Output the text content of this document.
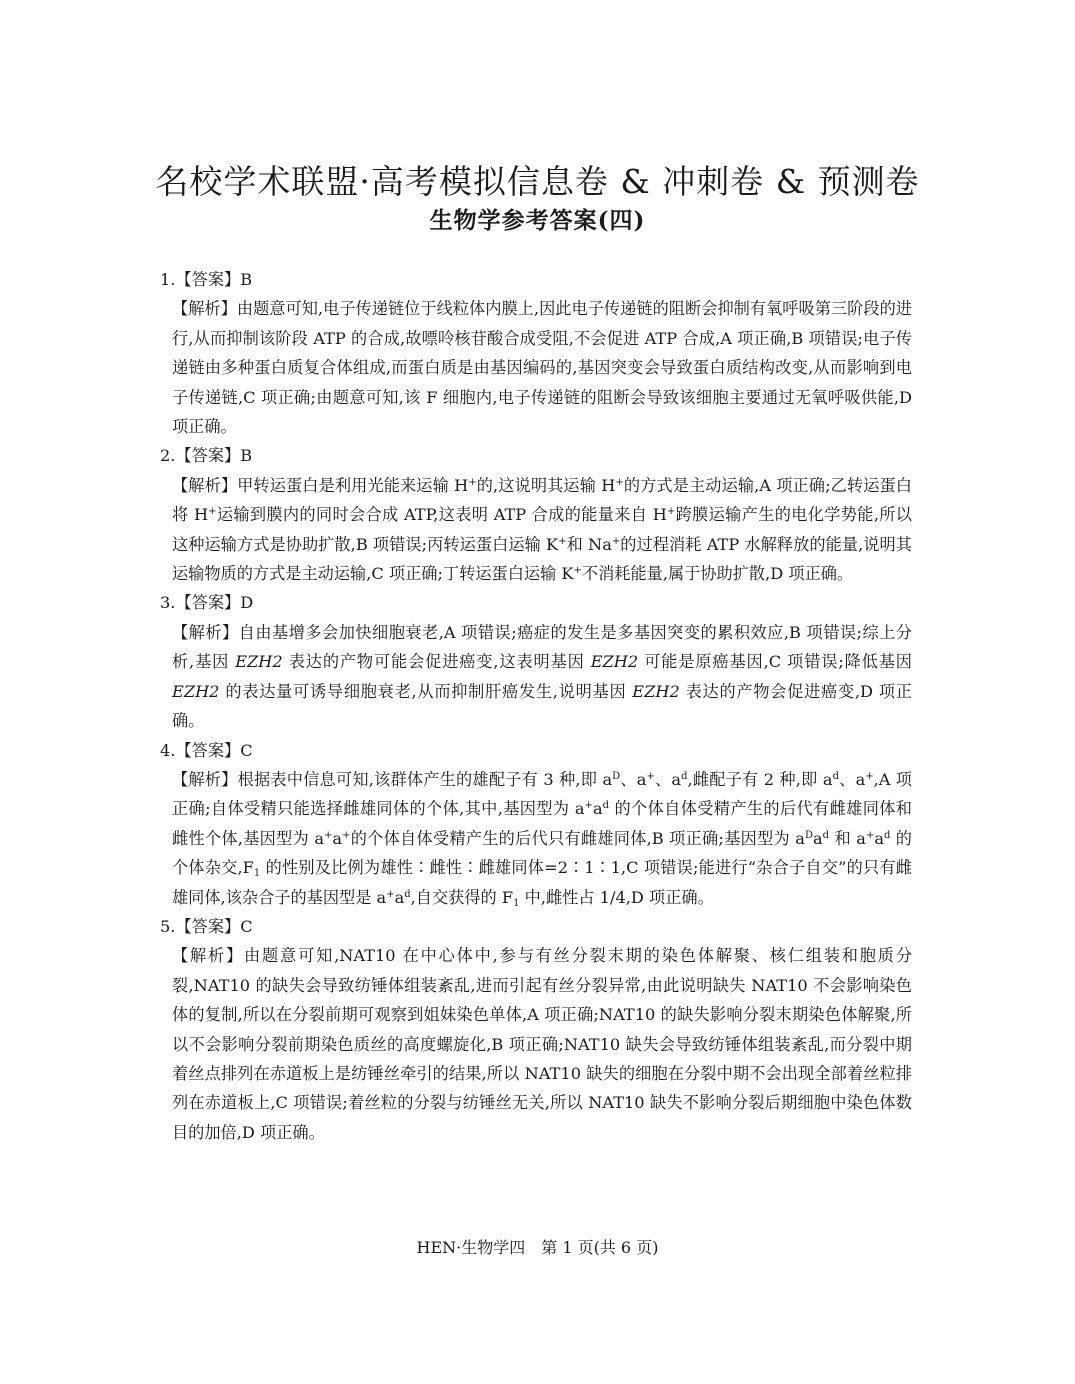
名校学术联盟·高考模拟信息卷 & 冲刺卷 & 预测卷
生物学参考答案(四)

1.【答案】B

【解析】由题意可知,电子传递链位于线粒体内膜上,因此电子传递链的阻断会抑制有氧呼吸第三阶段的进行,从而抑制该阶段 ATP 的合成,故嘌呤核苷酸合成受阻,不会促进 ATP 合成,A 项正确,B 项错误;电子传递链由多种蛋白质复合体组成,而蛋白质是由基因编码的,基因突变会导致蛋白质结构改变,从而影响到电子传递链,C 项正确;由题意可知,该 F 细胞内,电子传递链的阻断会导致该细胞主要通过无氧呼吸供能,D 项正确。

2.【答案】B

【解析】甲转运蛋白是利用光能来运输 H+的,这说明其运输 H+的方式是主动运输,A 项正确;乙转运蛋白将 H+运输到膜内的同时会合成 ATP,这表明 ATP 合成的能量来自 H+跨膜运输产生的电化学势能,所以这种运输方式是协助扩散,B 项错误;丙转运蛋白运输 K+和 Na+的过程消耗 ATP 水解释放的能量,说明其运输物质的方式是主动运输,C 项正确;丁转运蛋白运输 K+不消耗能量,属于协助扩散,D 项正确。

3.【答案】D

【解析】自由基增多会加快细胞衰老,A 项错误;癌症的发生是多基因突变的累积效应,B 项错误;综上分析,基因 EZH2 表达的产物可能会促进癌变,这表明基因 EZH2 可能是原癌基因,C 项错误;降低基因 EZH2 的表达量可诱导细胞衰老,从而抑制肝癌发生,说明基因 EZH2 表达的产物会促进癌变,D 项正确。

4.【答案】C

【解析】根据表中信息可知,该群体产生的雄配子有 3 种,即 $a^D$、a+、$a^d$,雌配子有 2 种,即 $a^d$、a+,A 项正确;自体受精只能选择雌雄同体的个体,其中,基因型为 $a^+a^d$ 的个体自体受精产生的后代有雌雄同体和雌性个体,基因型为 a+a+的个体自体受精产生的后代只有雌雄同体,B 项正确;基因型为 $a^Da^d$ 和 $a^+a^d$ 的个体杂交$,F_1$ 的性别及比例为雄性∶雌性∶雌雄同体=2∶1∶1,C 项错误;能进行“杂合子自交”的只有雌雄同体,该杂合子的基因型是 $a^+a^d$,自交获得的 $F_1$ 中,雌性占 1/4,D 项正确。

5.【答案】C

【解析】由题意可知,NAT10 在中心体中,参与有丝分裂末期的染色体解聚、核仁组装和胞质分裂,NAT10 的缺失会导致纺锤体组装紊乱,进而引起有丝分裂异常,由此说明缺失 NAT10 不会影响染色体的复制,所以在分裂前期可观察到姐妹染色单体,A 项正确;NAT10 的缺失影响分裂末期染色体解聚,所以不会影响分裂前期染色质丝的高度螺旋化,B 项正确;NAT10 缺失会导致纺锤体组装紊乱,而分裂中期着丝点排列在赤道板上是纺锤丝牵引的结果,所以 NAT10 缺失的细胞在分裂中期不会出现全部着丝粒排列在赤道板上,C 项错误;着丝粒的分裂与纺锤丝无关,所以 NAT10 缺失不影响分裂后期细胞中染色体数目的加倍,D 项正确。

HEN·生物学四　第 1 页(共 6 页)
